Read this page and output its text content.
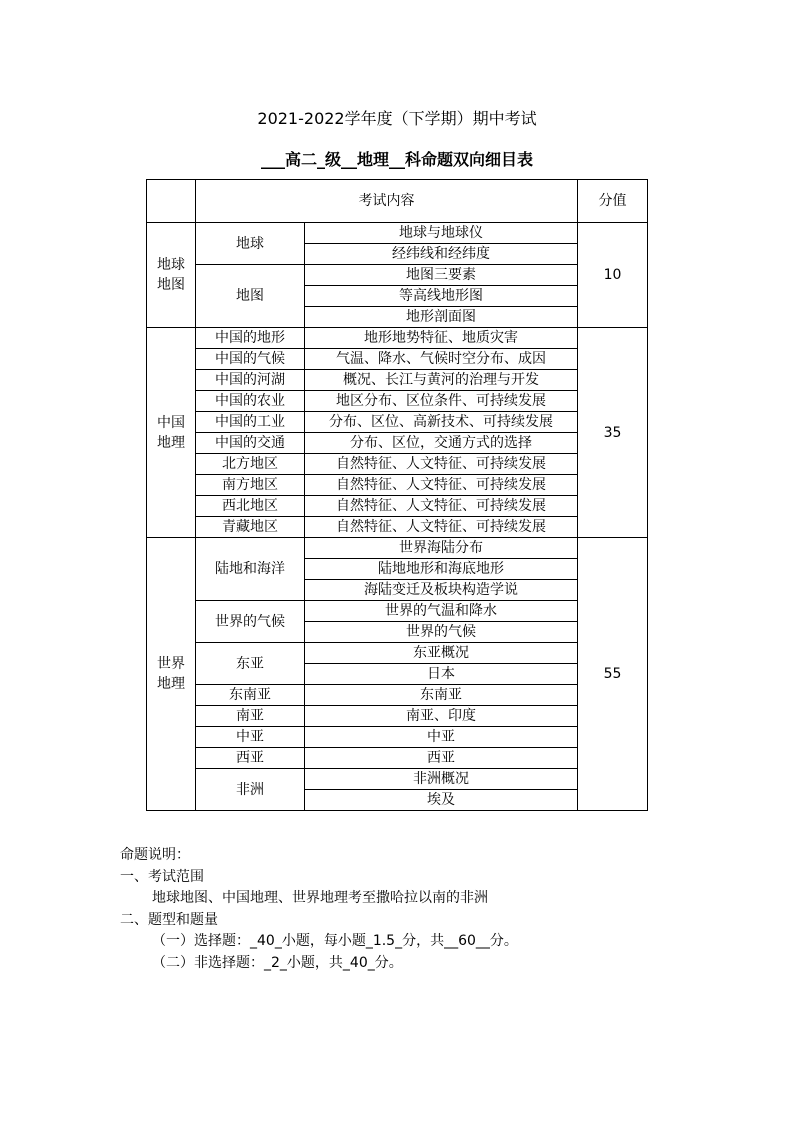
2021-2022学年度（下学期）期中考试
___高二_级__地理__科命题双向细目表
	考试内容		分值
地球地图	地球	地球与地球仪	10
		经纬线和经纬度	
	地图	地图三要素	
		等高线地形图	
		地形剖面图	
中国地理	中国的地形	地形地势特征、地质灾害	35
	中国的气候	气温、降水、气候时空分布、成因	
	中国的河湖	概况、长江与黄河的治理与开发	
	中国的农业	地区分布、区位条件、可持续发展	
	中国的工业	分布、区位、高新技术、可持续发展	
	中国的交通	分布、区位，交通方式的选择	
	北方地区	自然特征、人文特征、可持续发展	
	南方地区	自然特征、人文特征、可持续发展	
	西北地区	自然特征、人文特征、可持续发展	
	青藏地区	自然特征、人文特征、可持续发展	
世界地理	陆地和海洋	世界海陆分布	55
		陆地地形和海底地形	
		海陆变迁及板块构造学说	
	世界的气候	世界的气温和降水	
		世界的气候	
	东亚	东亚概况	
		日本	
	东南亚	东南亚	
	南亚	南亚、印度	
	中亚	中亚	
	西亚	西亚	
	非洲	非洲概况	
		埃及	
命题说明：
一、考试范围
地球地图、中国地理、世界地理考至撒哈拉以南的非洲
二、题型和题量
（一）选择题：_40_小题，每小题_1.5_分，共__60__分。
（二）非选择题：_2_小题，共_40_分。
